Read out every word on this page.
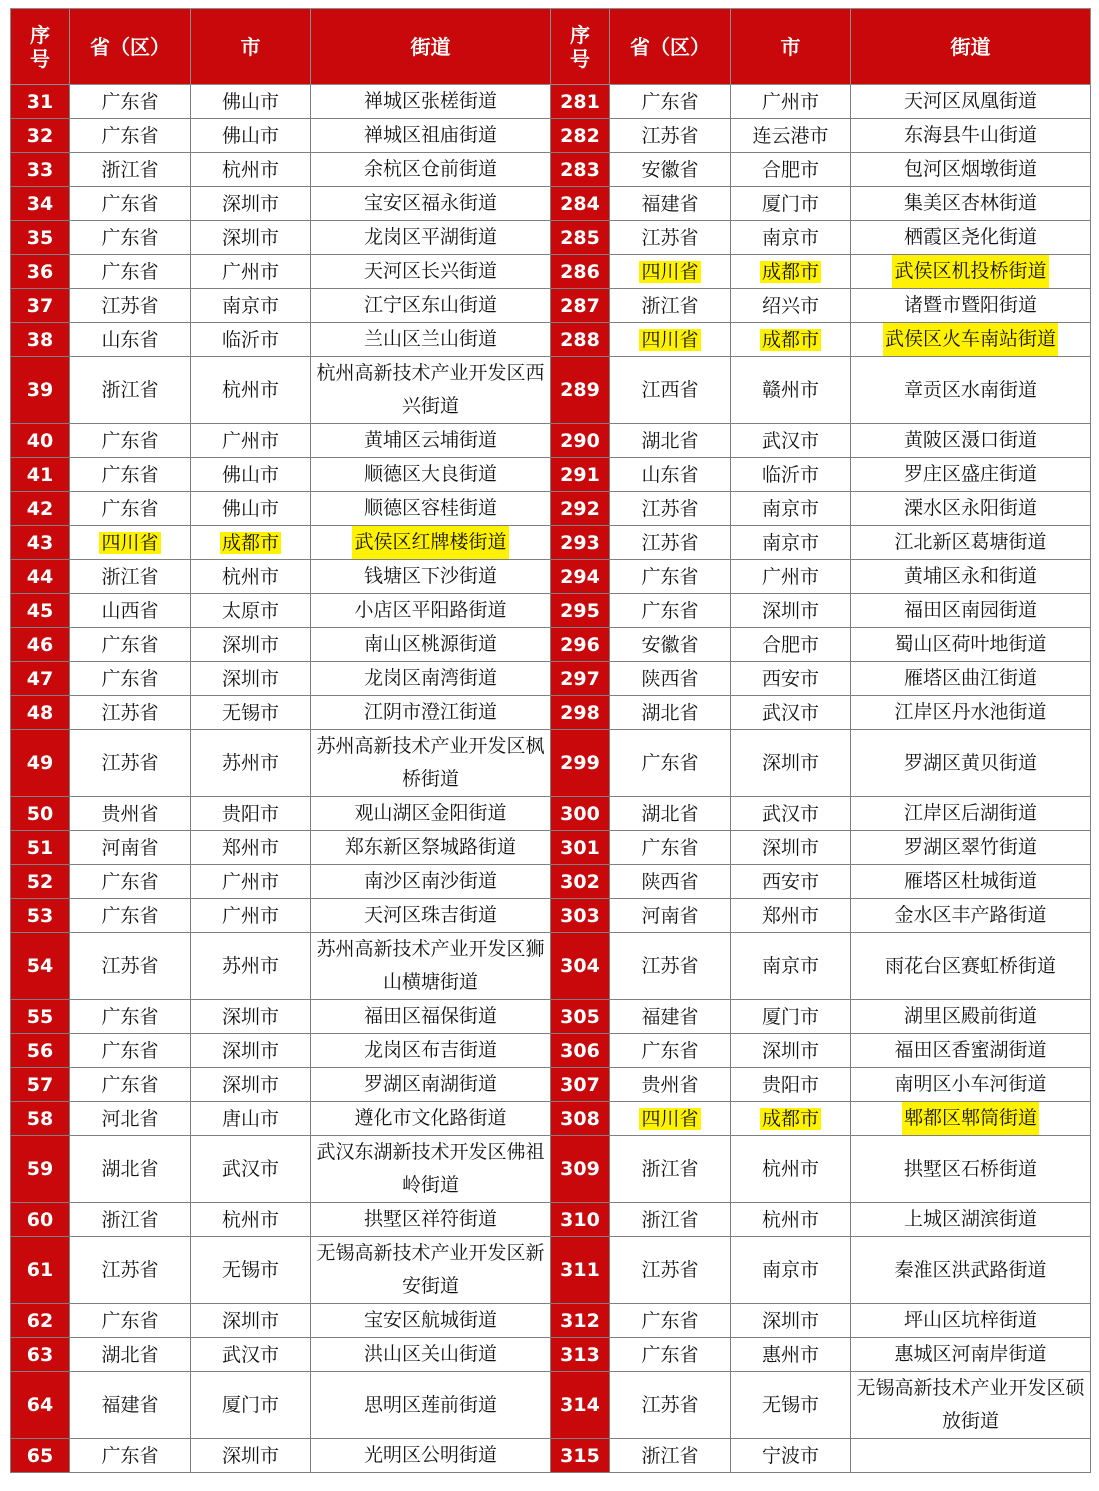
序号	省（区）	市	街道	序号	省（区）	市	街道
31	广东省	佛山市	禅城区张槎街道	281	广东省	广州市	天河区凤凰街道
32	广东省	佛山市	禅城区祖庙街道	282	江苏省	连云港市	东海县牛山街道
33	浙江省	杭州市	余杭区仓前街道	283	安徽省	合肥市	包河区烟墩街道
34	广东省	深圳市	宝安区福永街道	284	福建省	厦门市	集美区杏林街道
35	广东省	深圳市	龙岗区平湖街道	285	江苏省	南京市	栖霞区尧化街道
36	广东省	广州市	天河区长兴街道	286	四川省	成都市	武侯区机投桥街道
37	江苏省	南京市	江宁区东山街道	287	浙江省	绍兴市	诸暨市暨阳街道
38	山东省	临沂市	兰山区兰山街道	288	四川省	成都市	武侯区火车南站街道
39	浙江省	杭州市	杭州高新技术产业开发区西兴街道	289	江西省	赣州市	章贡区水南街道
40	广东省	广州市	黄埔区云埔街道	290	湖北省	武汉市	黄陂区滠口街道
41	广东省	佛山市	顺德区大良街道	291	山东省	临沂市	罗庄区盛庄街道
42	广东省	佛山市	顺德区容桂街道	292	江苏省	南京市	溧水区永阳街道
43	四川省	成都市	武侯区红牌楼街道	293	江苏省	南京市	江北新区葛塘街道
44	浙江省	杭州市	钱塘区下沙街道	294	广东省	广州市	黄埔区永和街道
45	山西省	太原市	小店区平阳路街道	295	广东省	深圳市	福田区南园街道
46	广东省	深圳市	南山区桃源街道	296	安徽省	合肥市	蜀山区荷叶地街道
47	广东省	深圳市	龙岗区南湾街道	297	陕西省	西安市	雁塔区曲江街道
48	江苏省	无锡市	江阴市澄江街道	298	湖北省	武汉市	江岸区丹水池街道
49	江苏省	苏州市	苏州高新技术产业开发区枫桥街道	299	广东省	深圳市	罗湖区黄贝街道
50	贵州省	贵阳市	观山湖区金阳街道	300	湖北省	武汉市	江岸区后湖街道
51	河南省	郑州市	郑东新区祭城路街道	301	广东省	深圳市	罗湖区翠竹街道
52	广东省	广州市	南沙区南沙街道	302	陕西省	西安市	雁塔区杜城街道
53	广东省	广州市	天河区珠吉街道	303	河南省	郑州市	金水区丰产路街道
54	江苏省	苏州市	苏州高新技术产业开发区狮山横塘街道	304	江苏省	南京市	雨花台区赛虹桥街道
55	广东省	深圳市	福田区福保街道	305	福建省	厦门市	湖里区殿前街道
56	广东省	深圳市	龙岗区布吉街道	306	广东省	深圳市	福田区香蜜湖街道
57	广东省	深圳市	罗湖区南湖街道	307	贵州省	贵阳市	南明区小车河街道
58	河北省	唐山市	遵化市文化路街道	308	四川省	成都市	郫都区郫筒街道
59	湖北省	武汉市	武汉东湖新技术开发区佛祖岭街道	309	浙江省	杭州市	拱墅区石桥街道
60	浙江省	杭州市	拱墅区祥符街道	310	浙江省	杭州市	上城区湖滨街道
61	江苏省	无锡市	无锡高新技术产业开发区新安街道	311	江苏省	南京市	秦淮区洪武路街道
62	广东省	深圳市	宝安区航城街道	312	广东省	深圳市	坪山区坑梓街道
63	湖北省	武汉市	洪山区关山街道	313	广东省	惠州市	惠城区河南岸街道
64	福建省	厦门市	思明区莲前街道	314	江苏省	无锡市	无锡高新技术产业开发区硕放街道
65	广东省	深圳市	光明区公明街道	315	浙江省	宁波市	
